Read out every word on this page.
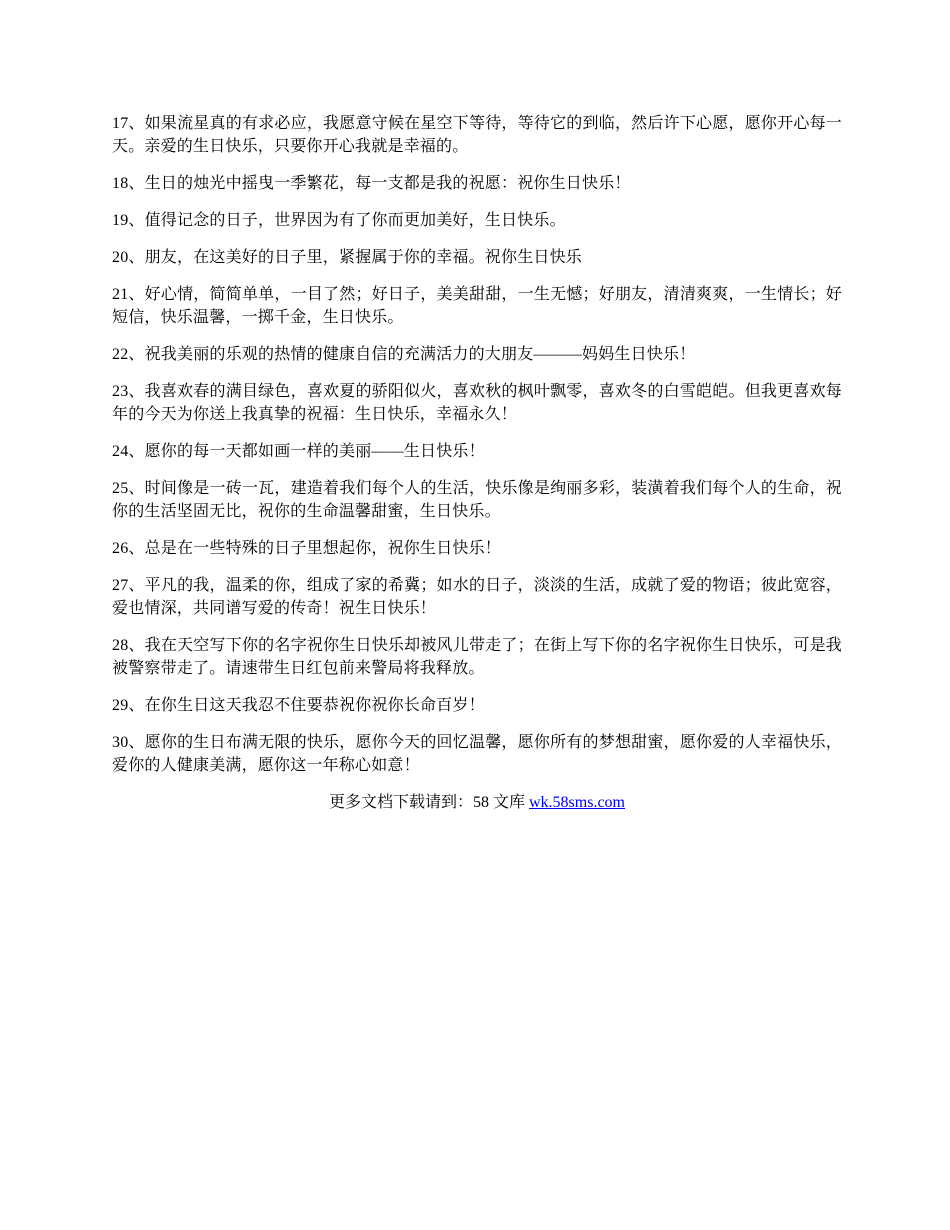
17、如果流星真的有求必应，我愿意守候在星空下等待，等待它的到临，然后许下心愿，愿你开心每一天。亲爱的生日快乐，只要你开心我就是幸福的。

18、生日的烛光中摇曳一季繁花，每一支都是我的祝愿：祝你生日快乐！

19、值得记念的日子，世界因为有了你而更加美好，生日快乐。

20、朋友，在这美好的日子里，紧握属于你的幸福。祝你生日快乐

21、好心情，简简单单，一目了然；好日子，美美甜甜，一生无憾；好朋友，清清爽爽，一生情长；好短信，快乐温馨，一掷千金，生日快乐。

22、祝我美丽的乐观的热情的健康自信的充满活力的大朋友———妈妈生日快乐！

23、我喜欢春的满目绿色，喜欢夏的骄阳似火，喜欢秋的枫叶飘零，喜欢冬的白雪皑皑。但我更喜欢每年的今天为你送上我真挚的祝福：生日快乐，幸福永久！

24、愿你的每一天都如画一样的美丽——生日快乐！

25、时间像是一砖一瓦，建造着我们每个人的生活，快乐像是绚丽多彩，装潢着我们每个人的生命，祝你的生活坚固无比，祝你的生命温馨甜蜜，生日快乐。

26、总是在一些特殊的日子里想起你，祝你生日快乐！

27、平凡的我，温柔的你，组成了家的希冀；如水的日子，淡淡的生活，成就了爱的物语；彼此宽容，爱也情深，共同谱写爱的传奇！祝生日快乐！

28、我在天空写下你的名字祝你生日快乐却被风儿带走了；在街上写下你的名字祝你生日快乐，可是我被警察带走了。请速带生日红包前来警局将我释放。

29、在你生日这天我忍不住要恭祝你祝你长命百岁！

30、愿你的生日布满无限的快乐，愿你今天的回忆温馨，愿你所有的梦想甜蜜，愿你爱的人幸福快乐，爱你的人健康美满，愿你这一年称心如意！

更多文档下载请到：58 文库 wk.58sms.com
